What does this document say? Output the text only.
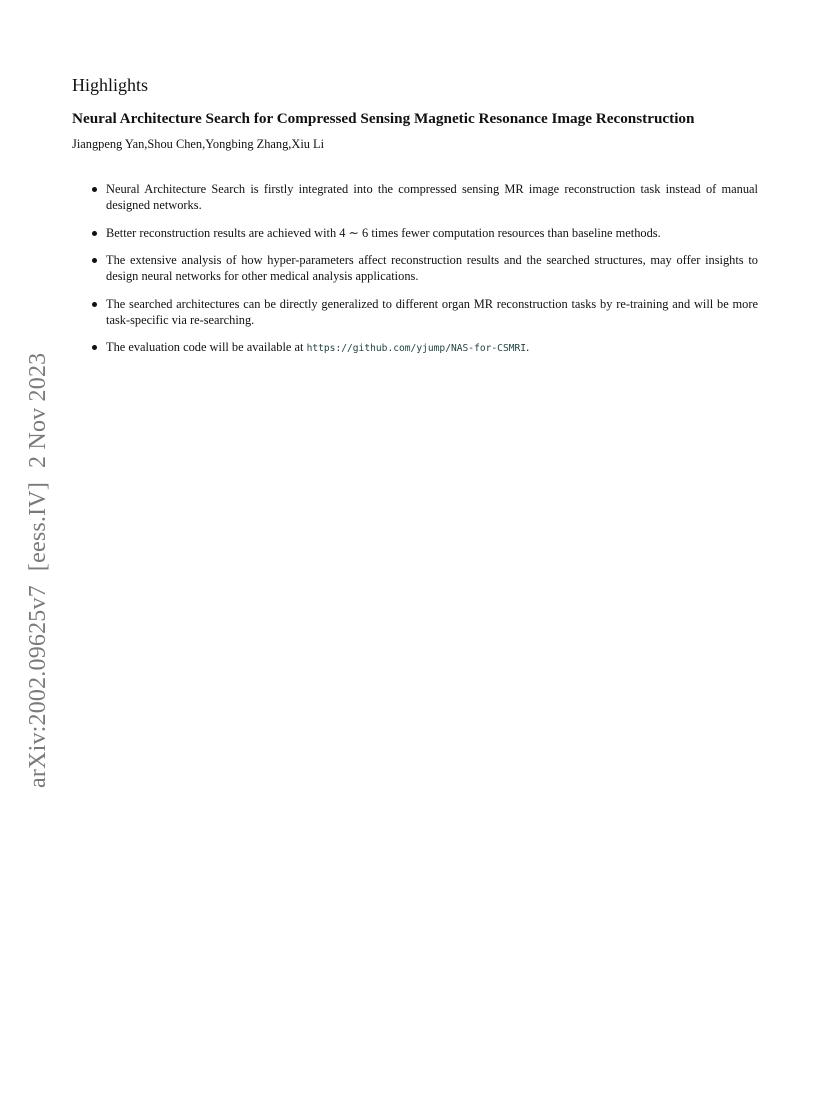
Highlights
Neural Architecture Search for Compressed Sensing Magnetic Resonance Image Reconstruction

Jiangpeng Yan,Shou Chen,Yongbing Zhang,Xiu Li

Neural Architecture Search is firstly integrated into the compressed sensing MR image reconstruction task instead of manual designed networks.
Better reconstruction results are achieved with 4 ∼ 6 times fewer computation resources than baseline methods.
The extensive analysis of how hyper-parameters affect reconstruction results and the searched structures, may offer insights to design neural networks for other medical analysis applications.
The searched architectures can be directly generalized to different organ MR reconstruction tasks by re-training and will be more task-specific via re-searching.
The evaluation code will be available at https://github.com/yjump/NAS-for-CSMRI.
arXiv:2002.09625v7[eess.IV]2 Nov 2023
